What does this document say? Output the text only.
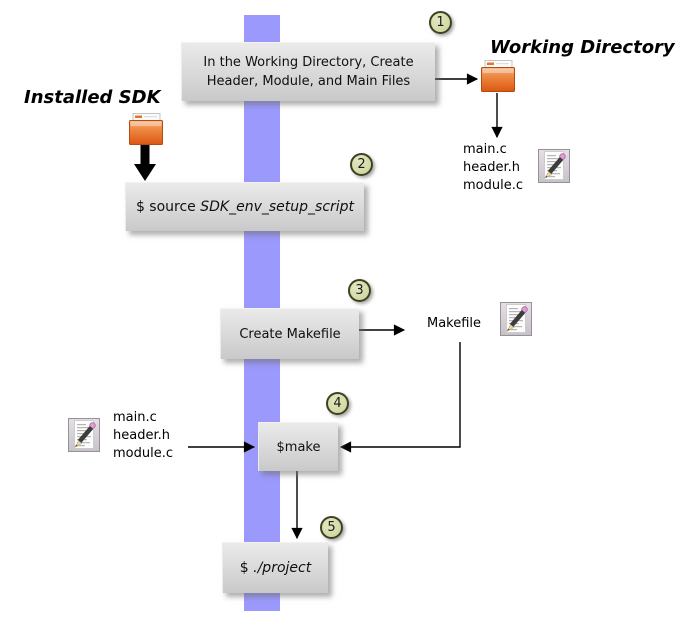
1
2
3
4
5
In the Working Directory, Create
Header, Module, and Main Files
$ source SDK_env_setup_script
Create Makefile
$make
$ ./project
Working Directory
Installed SDK
main.c
header.h
module.c
main.c
header.h
module.c
Makefile
